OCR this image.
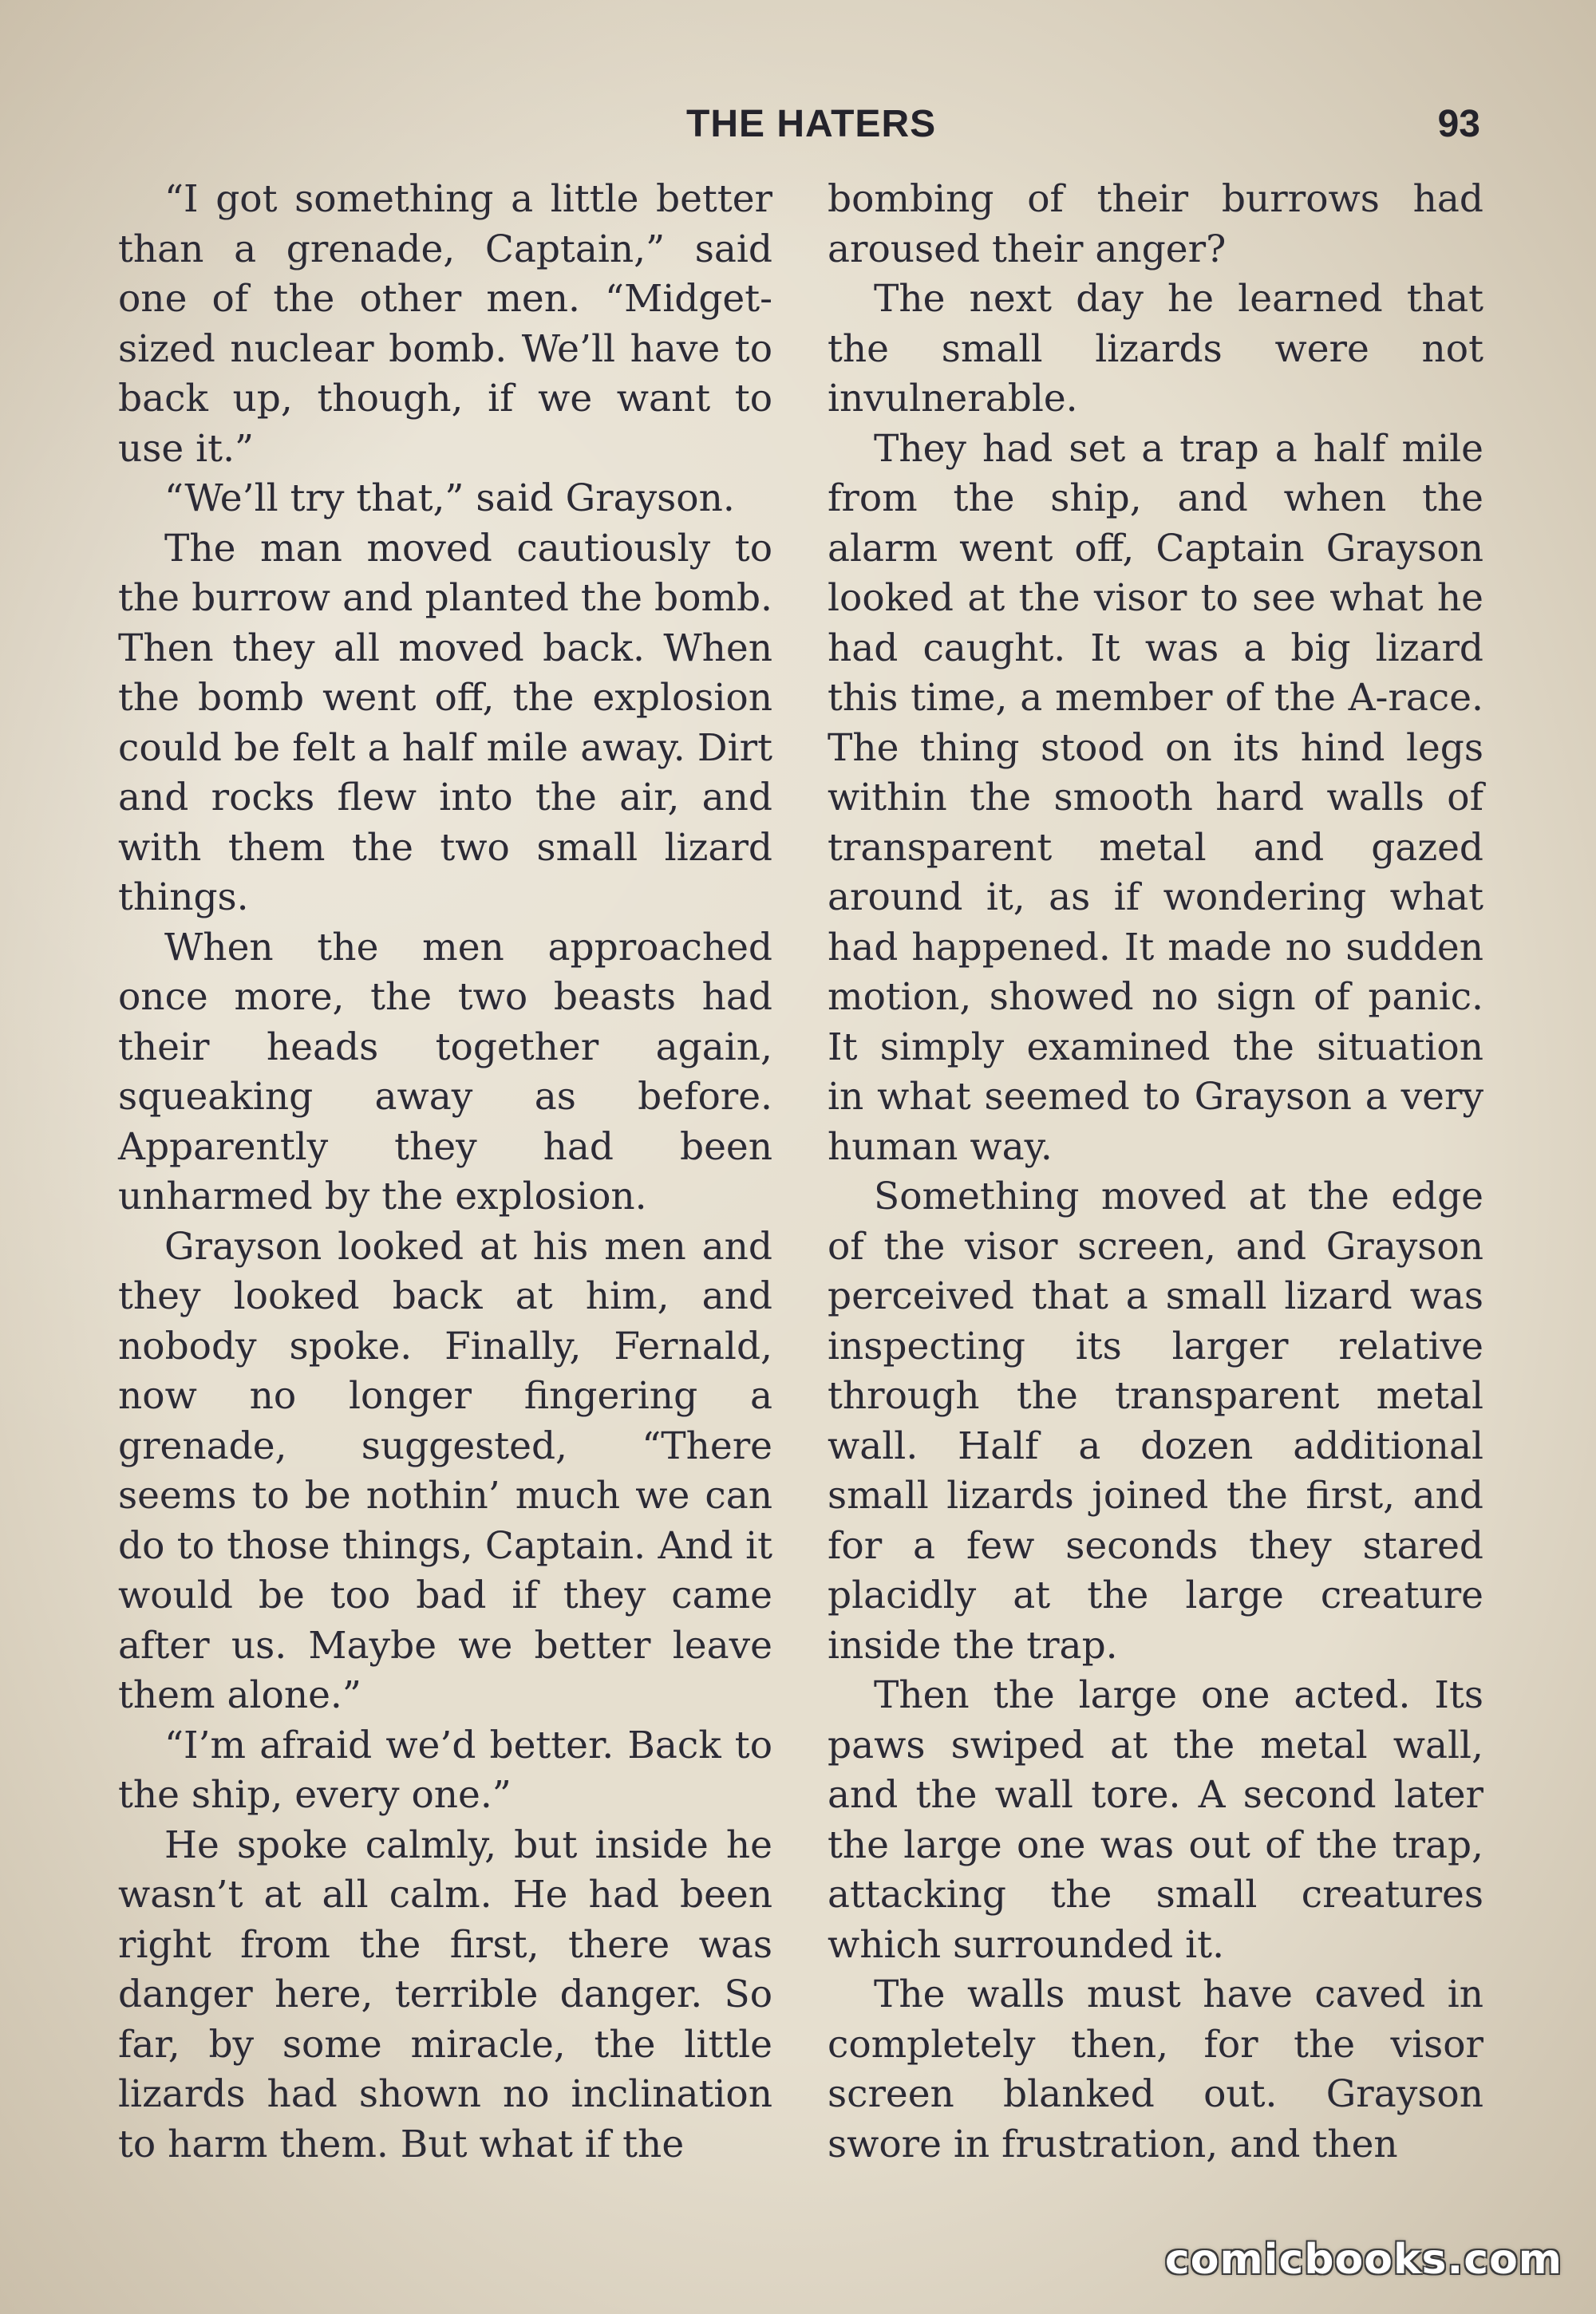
THE HATERS	93

“I got something a little better than a grenade, Captain,” said one of the other men. “Midget-sized nuclear bomb. We’ll have to back up, though, if we want to use it.”

“We’ll try that,” said Grayson.

The man moved cautiously to the burrow and planted the bomb. Then they all moved back. When the bomb went off, the explosion could be felt a half mile away. Dirt and rocks flew into the air, and with them the two small lizard things.

When the men approached once more, the two beasts had their heads together again, squeaking away as before. Apparently they had been unharmed by the explosion.

Grayson looked at his men and they looked back at him, and nobody spoke. Finally, Fernald, now no longer fingering a grenade, suggested, “There seems to be nothin’ much we can do to those things, Captain. And it would be too bad if they came after us. Maybe we better leave them alone.”

“I’m afraid we’d better. Back to the ship, every one.”

He spoke calmly, but inside he wasn’t at all calm. He had been right from the first, there was danger here, terrible danger. So far, by some miracle, the little lizards had shown no inclination to harm them. But what if the

bombing of their burrows had aroused their anger?

The next day he learned that the small lizards were not invulnerable.

They had set a trap a half mile from the ship, and when the alarm went off, Captain Grayson looked at the visor to see what he had caught. It was a big lizard this time, a member of the A-race. The thing stood on its hind legs within the smooth hard walls of transparent metal and gazed around it, as if wondering what had happened. It made no sudden motion, showed no sign of panic. It simply examined the situation in what seemed to Grayson a very human way.

Something moved at the edge of the visor screen, and Grayson perceived that a small lizard was inspecting its larger relative through the transparent metal wall. Half a dozen additional small lizards joined the first, and for a few seconds they stared placidly at the large creature inside the trap.

Then the large one acted. Its paws swiped at the metal wall, and the wall tore. A second later the large one was out of the trap, attacking the small creatures which surrounded it.

The walls must have caved in completely then, for the visor screen blanked out. Grayson swore in frustration, and then

comicbooks.com
